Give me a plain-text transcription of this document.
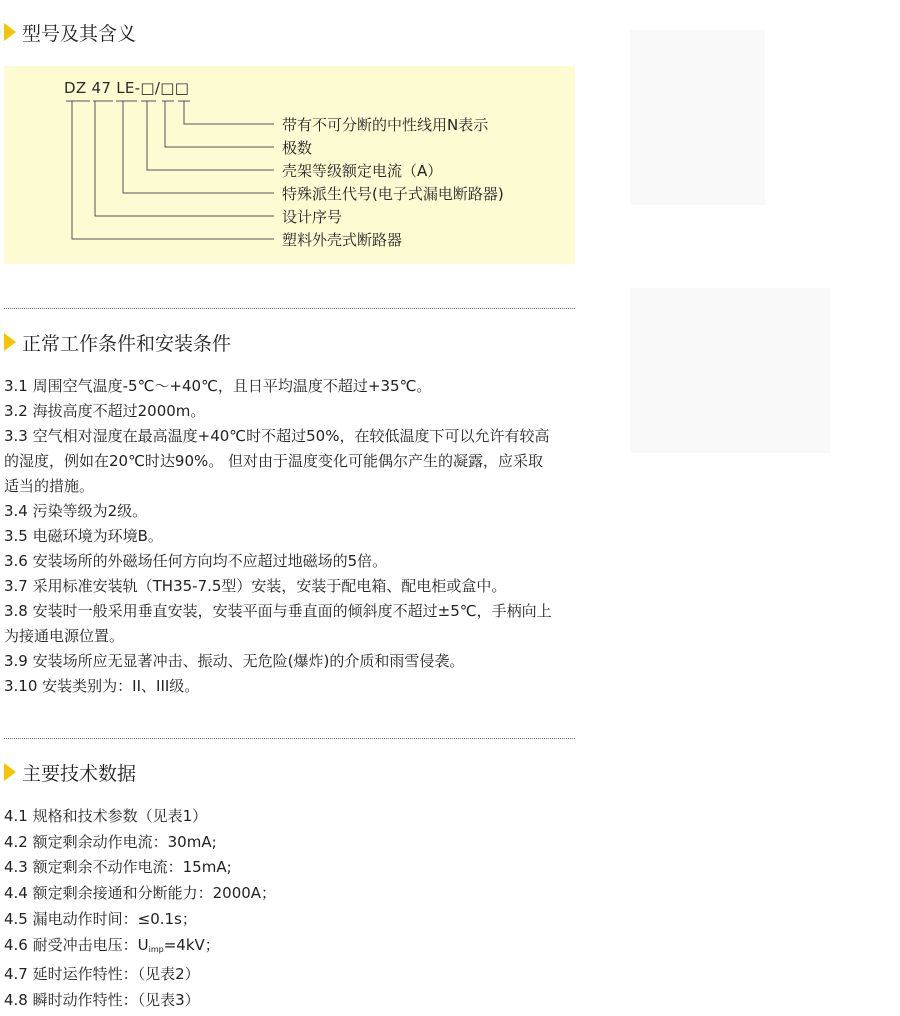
型号及其含义
DZ 47 LE-□/□□
带有不可分断的中性线用N表示
极数
壳架等级额定电流（A）
特殊派生代号(电子式漏电断路器)
设计序号
塑料外壳式断路器
正常工作条件和安装条件
3.1 周围空气温度-5℃～+40℃，且日平均温度不超过+35℃。
3.2 海拔高度不超过2000m。
3.3 空气相对湿度在最高温度+40℃时不超过50%，在较低温度下可以允许有较高
的湿度，例如在20℃时达90%。 但对由于温度变化可能偶尔产生的凝露，应采取
适当的措施。
3.4 污染等级为2级。
3.5 电磁环境为环境B。
3.6 安装场所的外磁场任何方向均不应超过地磁场的5倍。
3.7 采用标准安装轨（TH35-7.5型）安装，安装于配电箱、配电柜或盒中。
3.8 安装时一般采用垂直安装，安装平面与垂直面的倾斜度不超过±5℃，手柄向上
为接通电源位置。
3.9 安装场所应无显著冲击、振动、无危险(爆炸)的介质和雨雪侵袭。
3.10 安装类别为：II、III级。
主要技术数据
4.1 规格和技术参数（见表1）
4.2 额定剩余动作电流：30mA;
4.3 额定剩余不动作电流：15mA;
4.4 额定剩余接通和分断能力：2000A；
4.5 漏电动作时间：≤0.1s；
4.6 耐受冲击电压：$U_{imp}=4kV$；
4.7 延时运作特性：（见表2）
4.8 瞬时动作特性：（见表3）
